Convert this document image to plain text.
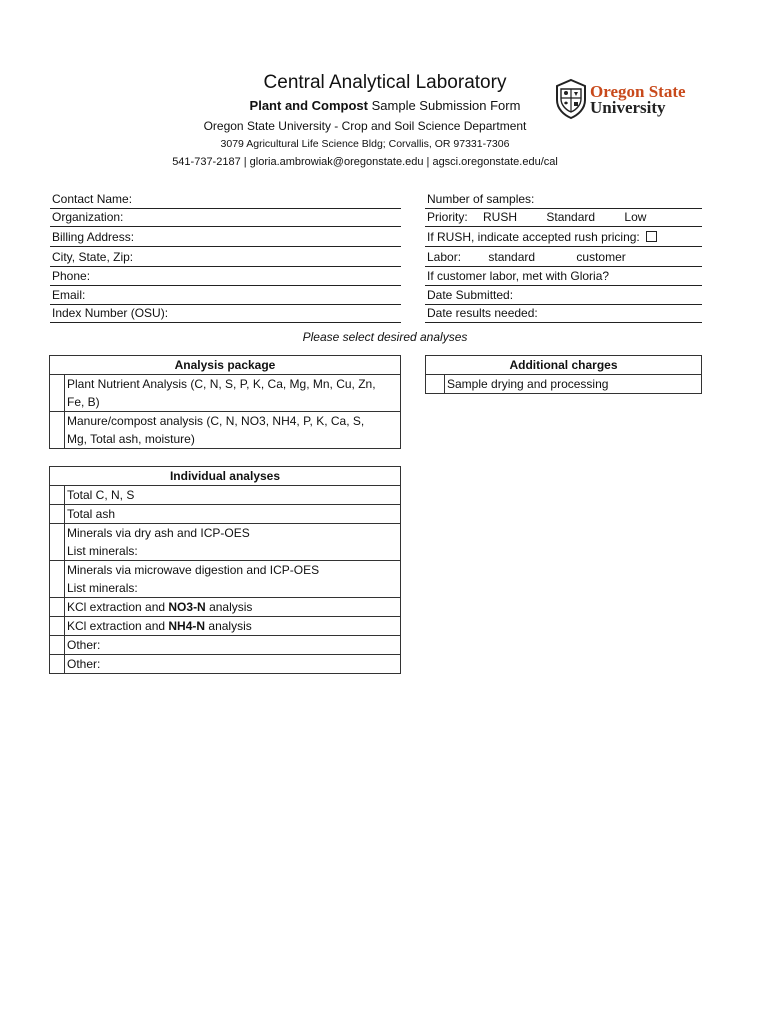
Central Analytical Laboratory
Plant and Compost Sample Submission Form
Oregon State University - Crop and Soil Science Department
3079 Agricultural Life Science Bldg; Corvallis, OR 97331-7306
541-737-2187 | gloria.ambrowiak@oregonstate.edu | agsci.oregonstate.edu/cal
Oregon State
University
Contact Name:
Organization:
Billing Address:
City, State, Zip:
Phone:
Email:
Index Number (OSU):
Number of samples:
Priority: RUSH Standard Low
If RUSH, indicate accepted rush pricing:
Labor: standard	customer
If customer labor, met with Gloria?
Date Submitted:
Date results needed:
Please select desired analyses
Analysis package	
	Plant Nutrient Analysis (C, N, S, P, K, Ca, Mg, Mn, Cu, Zn,
Fe, B)
	Manure/compost analysis (C, N, NO3, NH4, P, K, Ca, S,
Mg, Total ash, moisture)
Additional charges
	Sample drying and processing
Individual analyses	
	Total C, N, S
	Total ash
	Minerals via dry ash and ICP-OES
List minerals:
	Minerals via microwave digestion and ICP-OES
List minerals:
	KCl extraction and NO3-N analysis
	KCl extraction and NH4-N analysis
	Other:
	Other:
